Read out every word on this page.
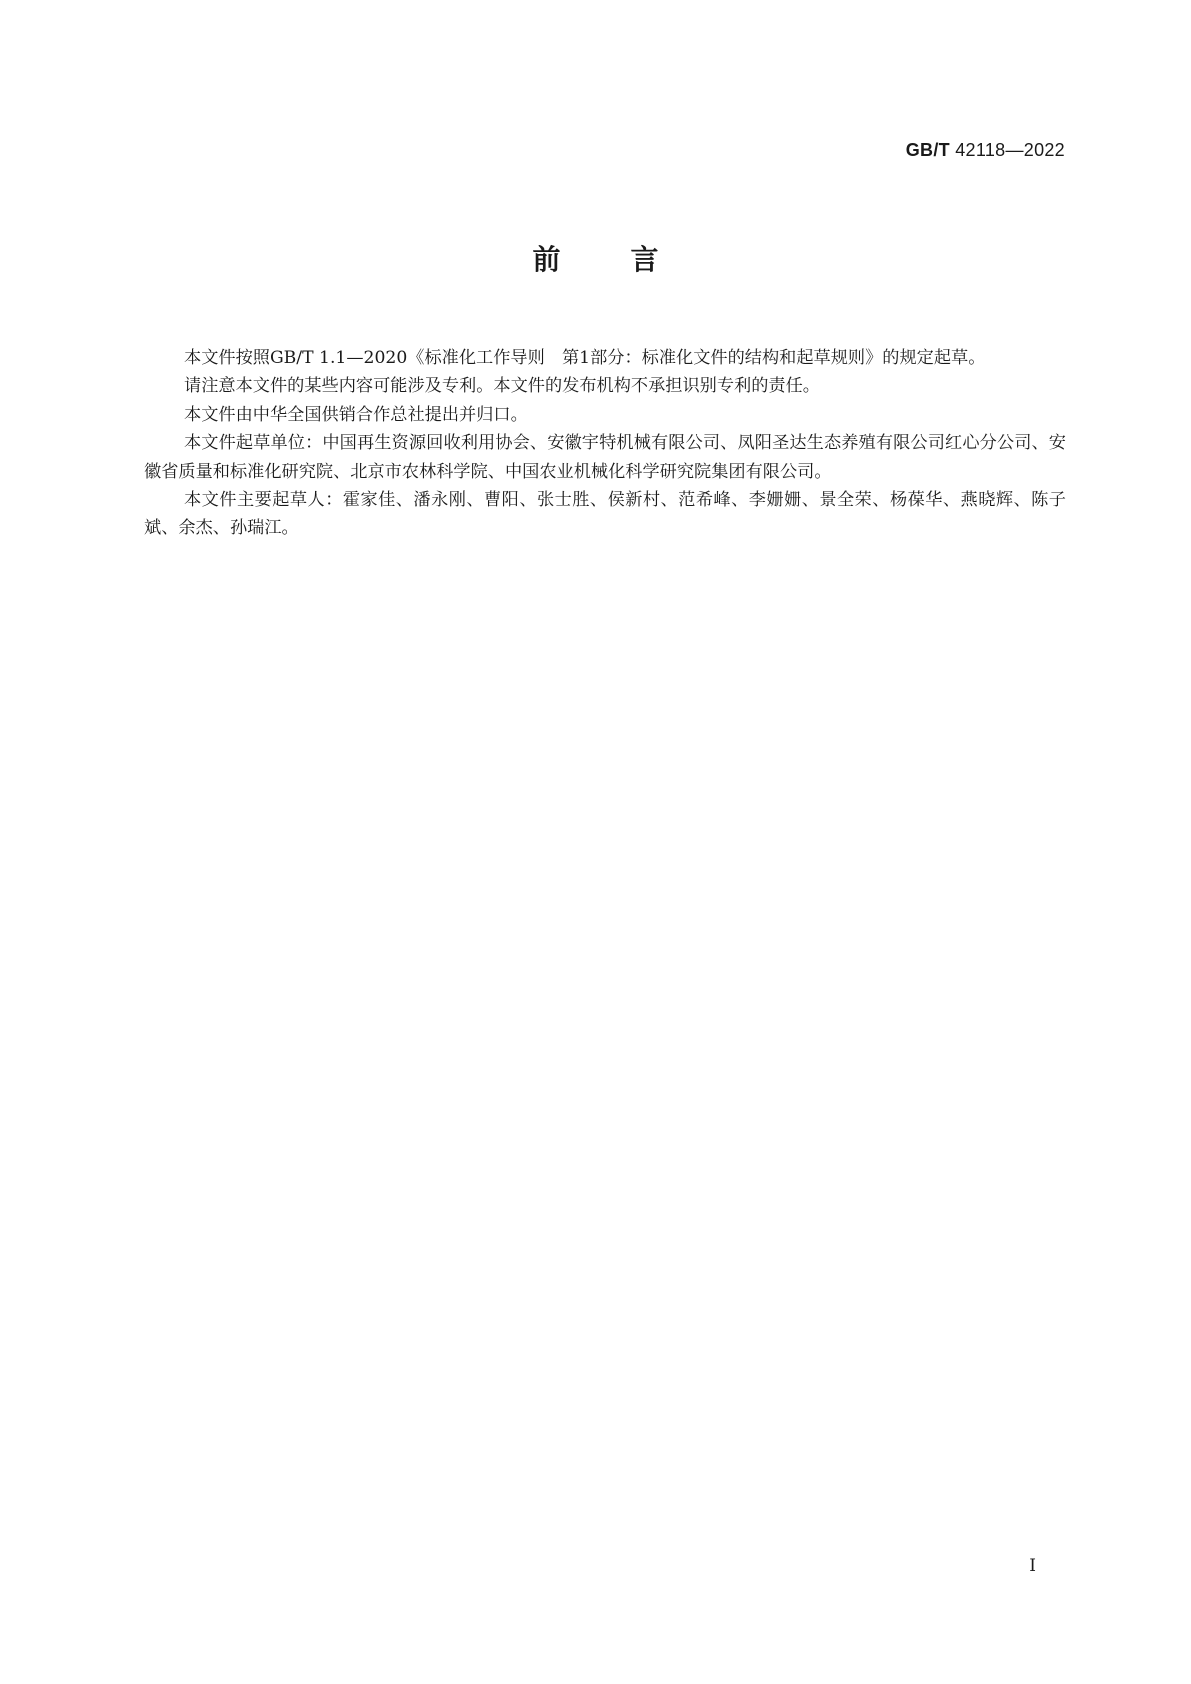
GB/T 42118—2022
前言

本文件按照GB/T 1.1—2020《标准化工作导则　第1部分：标准化文件的结构和起草规则》的规定起草。

请注意本文件的某些内容可能涉及专利。本文件的发布机构不承担识别专利的责任。

本文件由中华全国供销合作总社提出并归口。

本文件起草单位：中国再生资源回收利用协会、安徽宇特机械有限公司、凤阳圣达生态养殖有限公司红心分公司、安徽省质量和标准化研究院、北京市农林科学院、中国农业机械化科学研究院集团有限公司。

本文件主要起草人：霍家佳、潘永刚、曹阳、张士胜、侯新村、范希峰、李姗姗、景全荣、杨葆华、燕晓辉、陈子斌、余杰、孙瑞江。

I
